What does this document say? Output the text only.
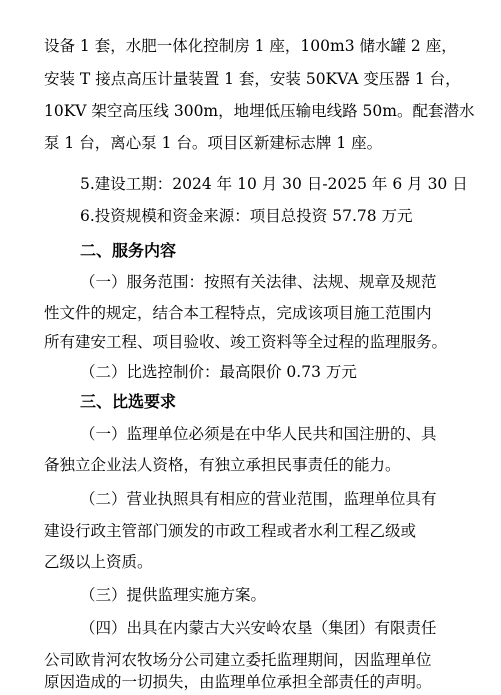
设备 1 套，水肥一体化控制房 1 座，100m3 储水罐 2 座，
安装 T 接点高压计量装置 1 套，安装 50KVA 变压器 1 台，
10KV 架空高压线 300m，地埋低压输电线路 50m。配套潜水
泵 1 台，离心泵 1 台。项目区新建标志牌 1 座。
5.建设工期：2024 年 10 月 30 日-2025 年 6 月 30 日
6.投资规模和资金来源：项目总投资 57.78 万元
二、服务内容
（一）服务范围：按照有关法律、法规、规章及规范
性文件的规定，结合本工程特点，完成该项目施工范围内
所有建安工程、项目验收、竣工资料等全过程的监理服务。
（二）比选控制价：最高限价 0.73 万元
三、比选要求
（一）监理单位必须是在中华人民共和国注册的、具
备独立企业法人资格，有独立承担民事责任的能力。
（二）营业执照具有相应的营业范围，监理单位具有
建设行政主管部门颁发的市政工程或者水利工程乙级或
乙级以上资质。
（三）提供监理实施方案。
（四）出具在内蒙古大兴安岭农垦（集团）有限责任
公司欧肯河农牧场分公司建立委托监理期间，因监理单位
原因造成的一切损失，由监理单位承担全部责任的声明。
